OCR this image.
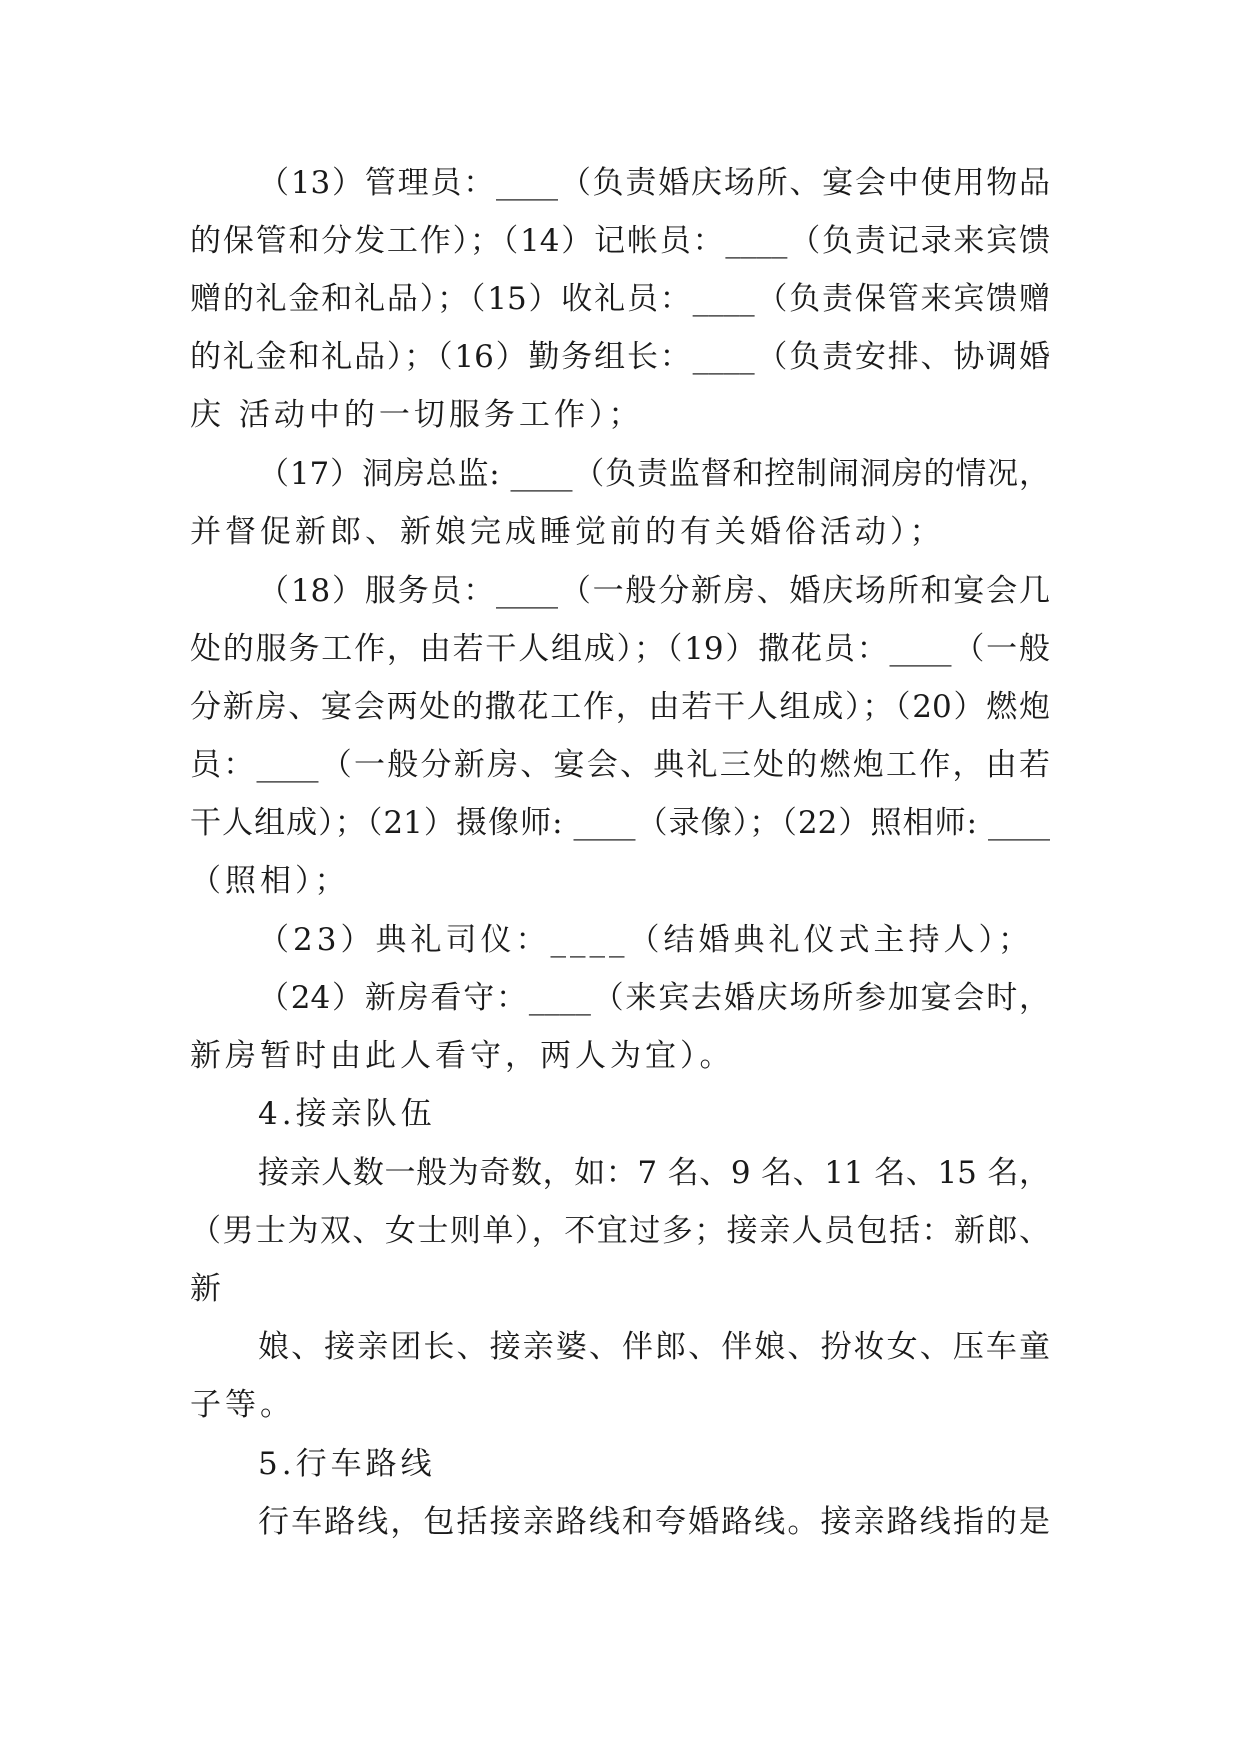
（13）管理员：____（负责婚庆场所、宴会中使用物品
的保管和分发工作）；（14）记帐员：____（负责记录来宾馈
赠的礼金和礼品）；（15）收礼员：____（负责保管来宾馈赠
的礼金和礼品）；（16）勤务组长：____（负责安排、协调婚
庆 活动中的一切服务工作）；
（17）洞房总监: ____（负责监督和控制闹洞房的情况，
并督促新郎、新娘完成睡觉前的有关婚俗活动）；
（18）服务员：____（一般分新房、婚庆场所和宴会几
处的服务工作，由若干人组成）；（19）撒花员：____（一般
分新房、宴会两处的撒花工作，由若干人组成）；（20）燃炮
员：____（一般分新房、宴会、典礼三处的燃炮工作，由若
干人组成）；（21）摄像师: ____（录像）；（22）照相师: ____
（照相）；
（23）典礼司仪：____（结婚典礼仪式主持人）；
（24）新房看守：____（来宾去婚庆场所参加宴会时，
新房暂时由此人看守，两人为宜）。
4.接亲队伍
接亲人数一般为奇数，如：7 名、9 名、11 名、15 名，
（男士为双、女士则单），不宜过多；接亲人员包括：新郎、
新
娘、接亲团长、接亲婆、伴郎、伴娘、扮妆女、压车童
子等。
5.行车路线
行车路线，包括接亲路线和夸婚路线。接亲路线指的是
